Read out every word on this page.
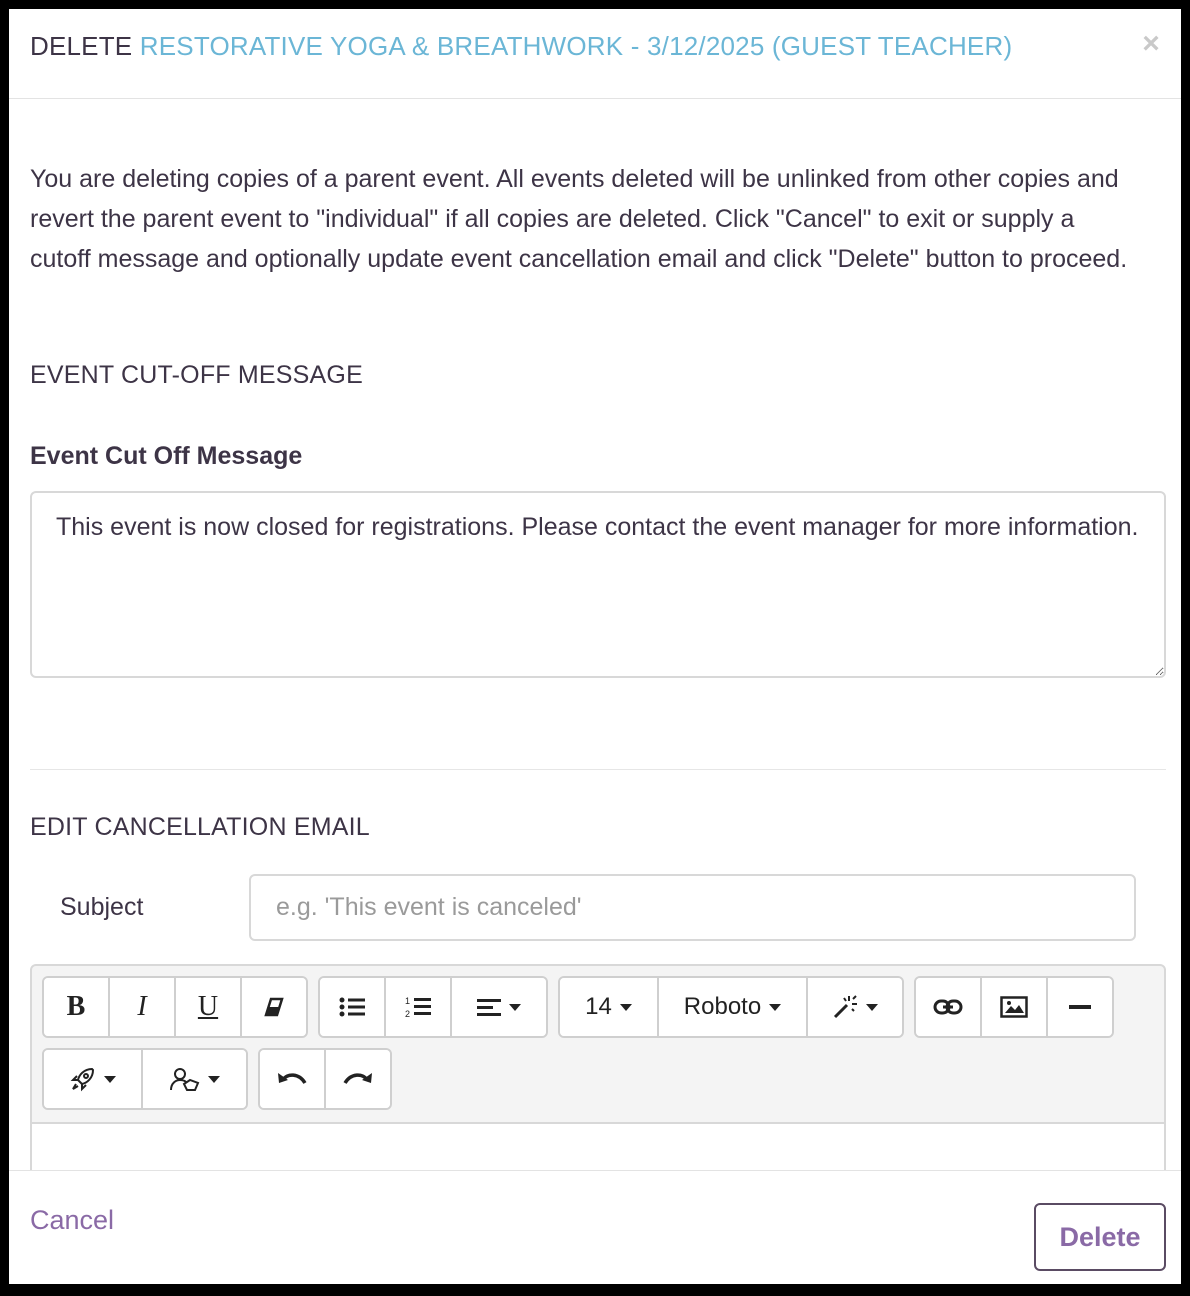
DELETE RESTORATIVE YOGA & BREATHWORK - 3/12/2025 (GUEST TEACHER)	×

You are deleting copies of a parent event. All events deleted will be unlinked from other copies and revert the parent event to "individual" if all copies are deleted. Click "Cancel" to exit or supply a cutoff message and optionally update event cancellation email and click "Delete" button to proceed.

EVENT CUT-OFF MESSAGE
Event Cut Off Message
This event is now closed for registrations. Please contact the event manager for more information.
EDIT CANCELLATION EMAIL
Subject
e.g. 'This event is canceled'
B I U	1
2	14	Roboto
Cancel
Delete
